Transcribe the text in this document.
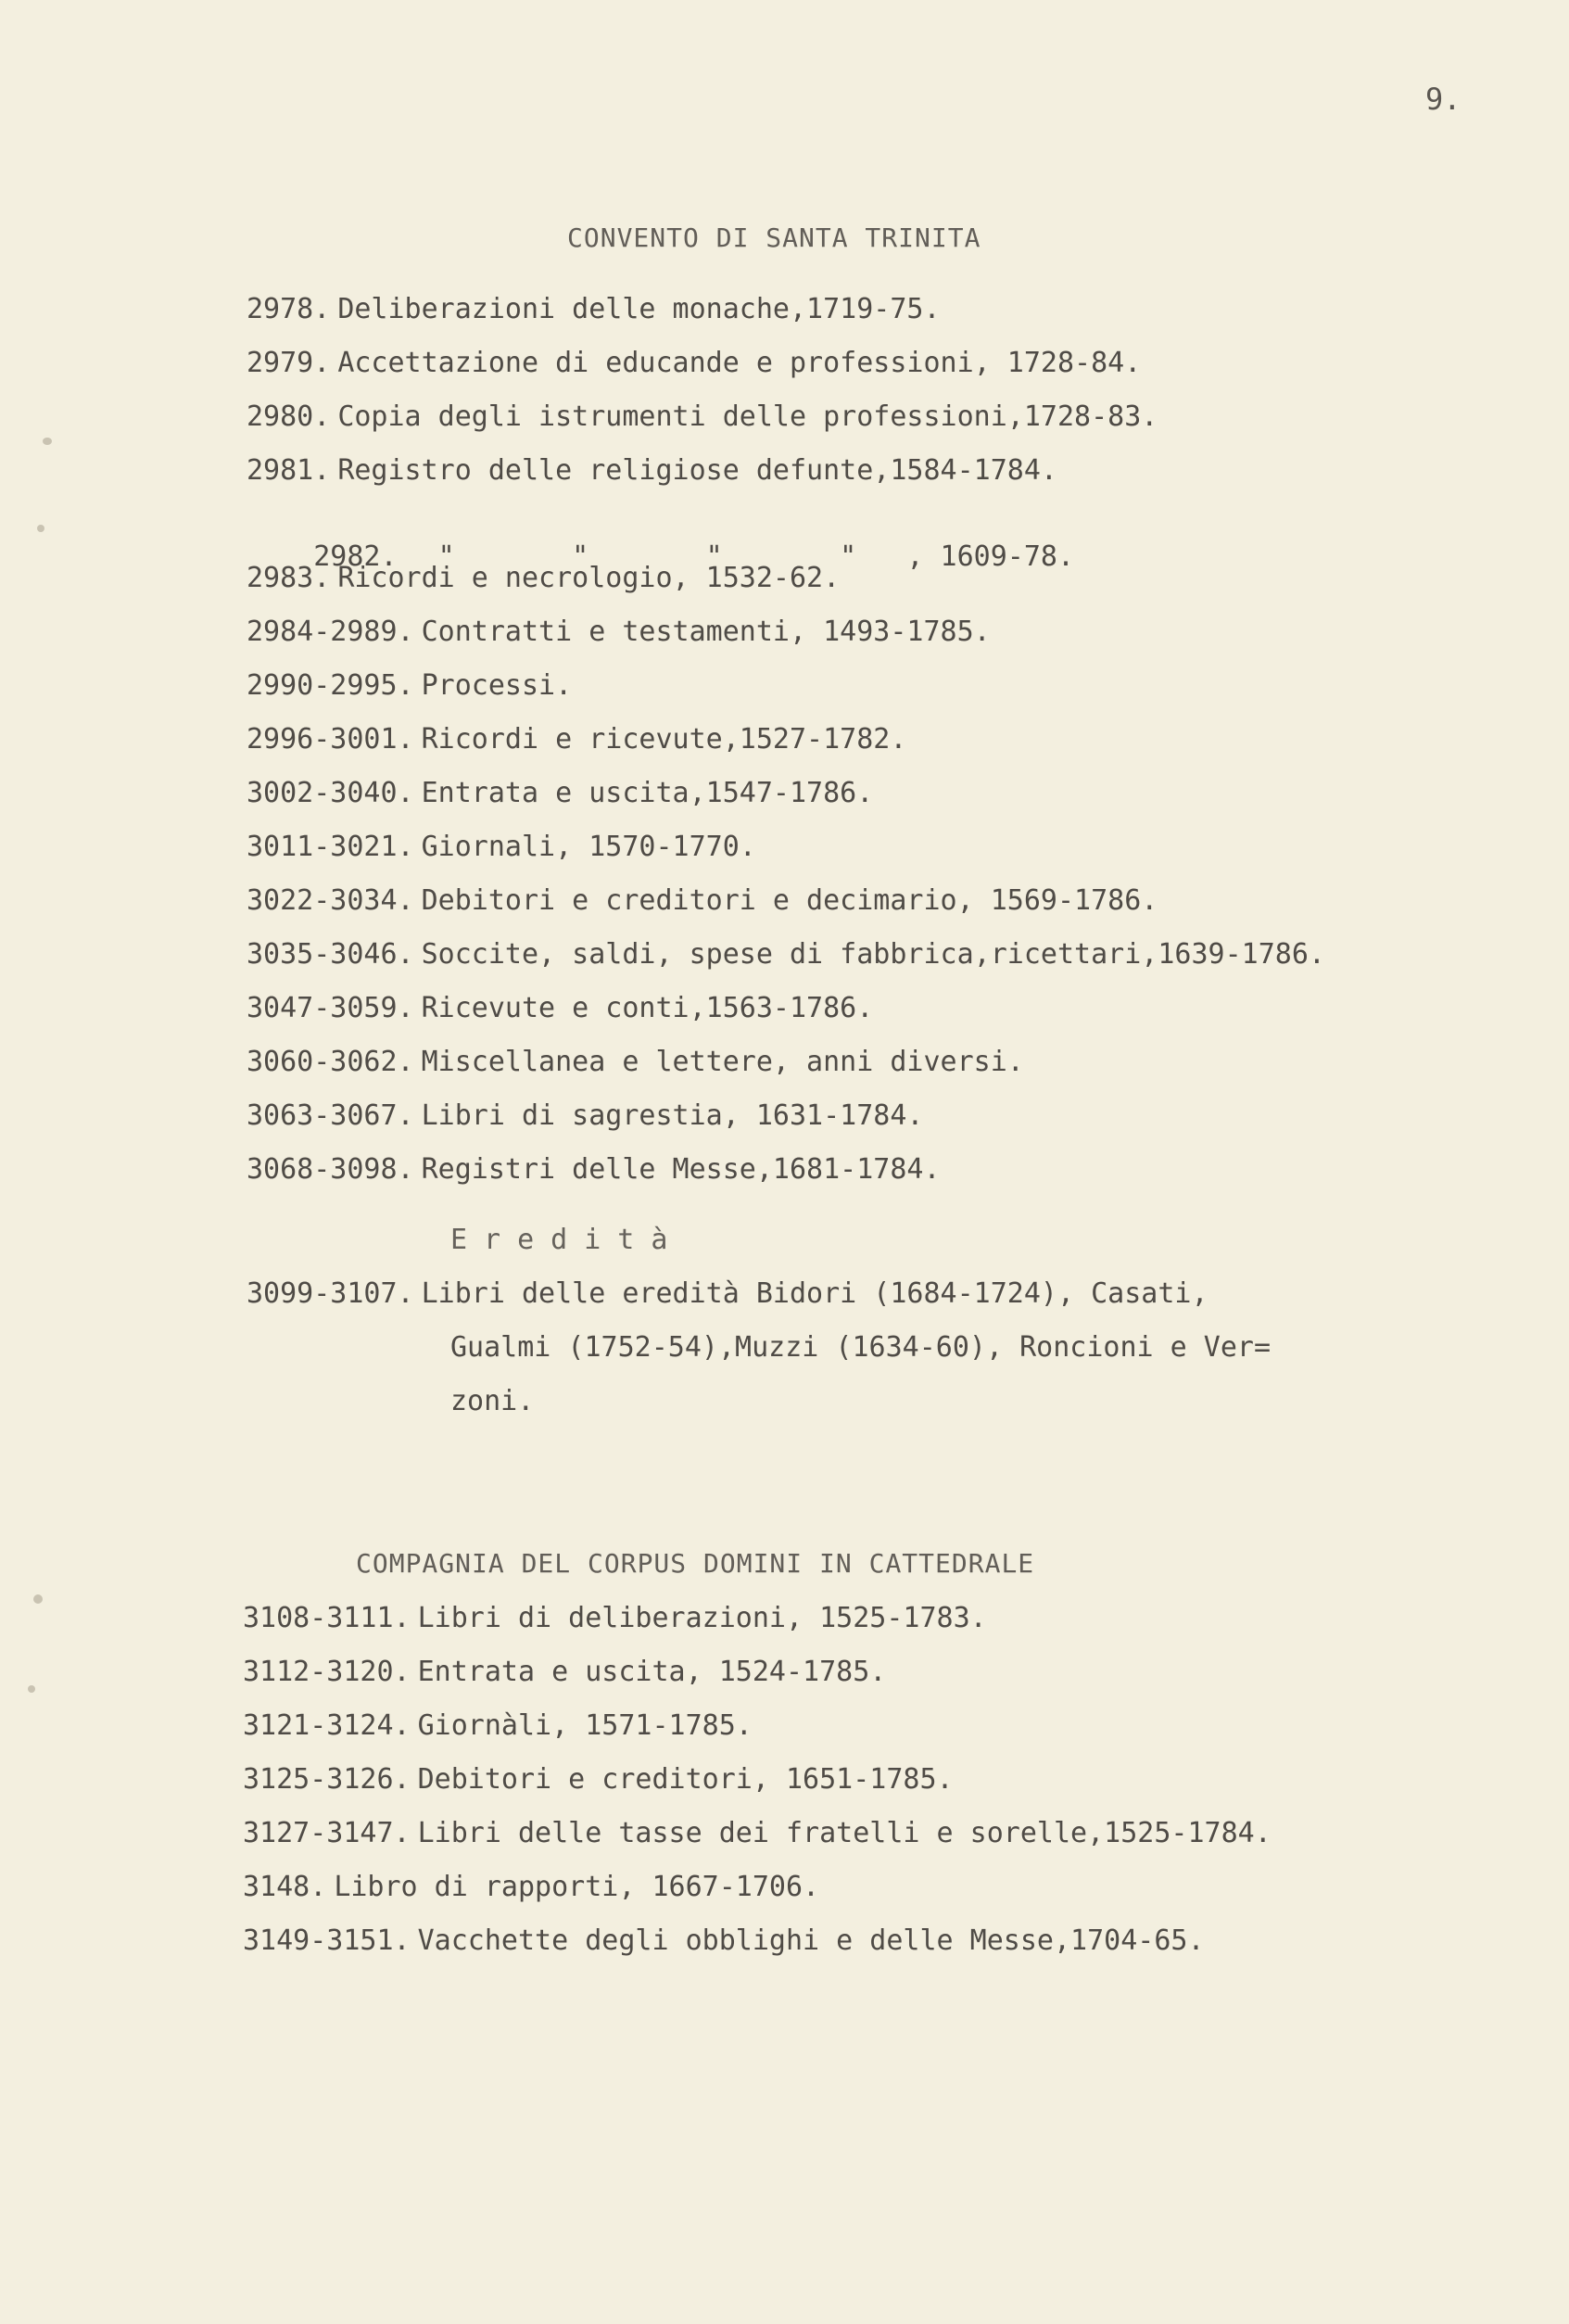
9.
CONVENTO DI SANTA TRINITA
2978. Deliberazioni delle monache,1719-75.
2979. Accettazione di educande e professioni, 1728-84.
2980. Copia degli istrumenti delle professioni,1728-83.
2981. Registro delle religiose defunte,1584-1784.

2982.  "       "       "       "   , 1609-78.

2983. Ricordi e necrologio, 1532-62.
2984-2989. Contratti e testamenti, 1493-1785.
2990-2995. Processi.
2996-3001. Ricordi e ricevute,1527-1782.
3002-3040. Entrata e uscita,1547-1786.
3011-3021. Giornali, 1570-1770.
3022-3034. Debitori e creditori e decimario, 1569-1786.
3035-3046. Soccite, saldi, spese di fabbrica,ricettari,1639-1786.
3047-3059. Ricevute e conti,1563-1786.
3060-3062. Miscellanea e lettere, anni diversi.
3063-3067. Libri di sagrestia, 1631-1784.
3068-3098. Registri delle Messe,1681-1784.
Eredità
3099-3107. Libri delle eredità Bidori (1684-1724), Casati,
Gualmi (1752-54),Muzzi (1634-60), Roncioni e Ver=
zoni.
COMPAGNIA DEL CORPUS DOMINI IN CATTEDRALE
3108-3111. Libri di deliberazioni, 1525-1783.
3112-3120. Entrata e uscita, 1524-1785.
3121-3124. Giornàli, 1571-1785.
3125-3126. Debitori e creditori, 1651-1785.
3127-3147. Libri delle tasse dei fratelli e sorelle,1525-1784.
3148. Libro di rapporti, 1667-1706.
3149-3151. Vacchette degli obblighi e delle Messe,1704-65.
